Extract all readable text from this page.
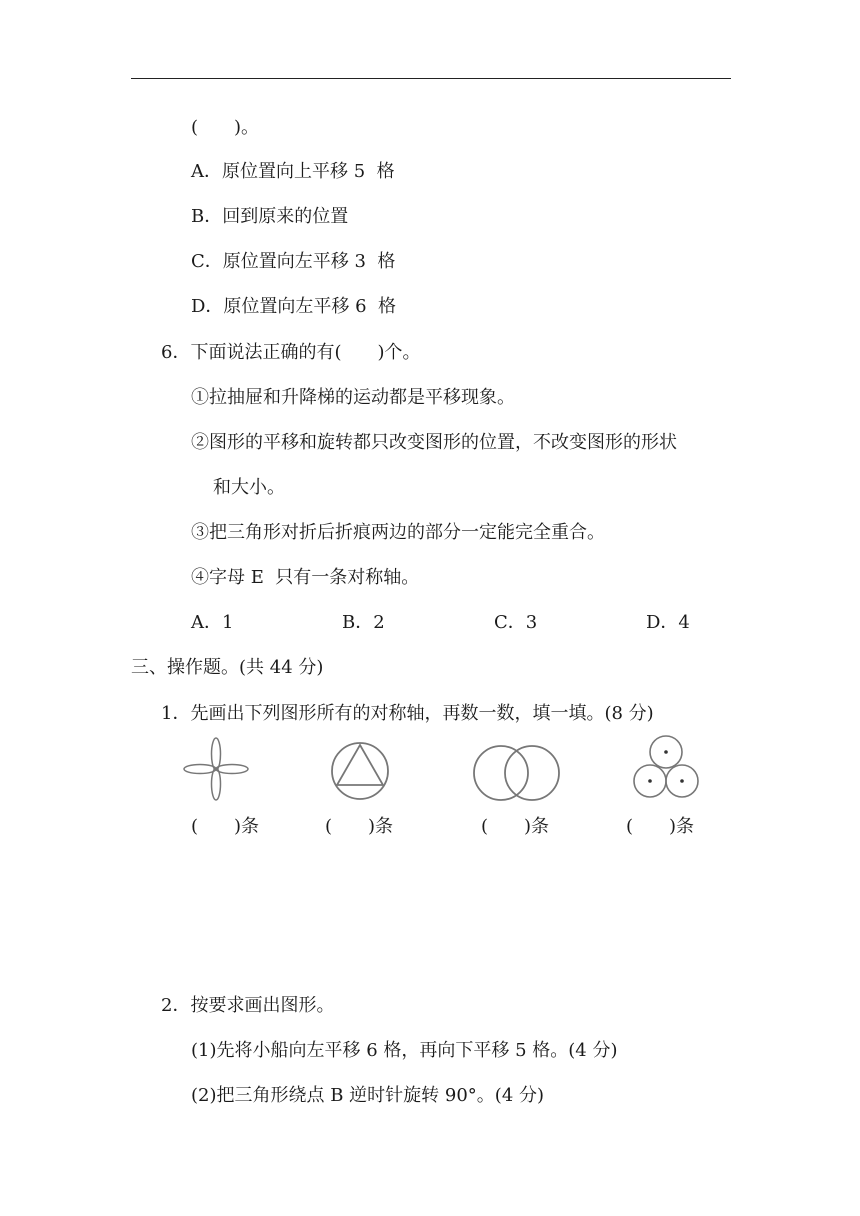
(　　)。
A．原位置向上平移 5  格
B．回到原来的位置
C．原位置向左平移 3  格
D．原位置向左平移 6  格
6．下面说法正确的有(　　)个。
①拉抽屉和升降梯的运动都是平移现象。
②图形的平移和旋转都只改变图形的位置，不改变图形的形状
和大小。
③把三角形对折后折痕两边的部分一定能完全重合。
④字母 E  只有一条对称轴。
A．1	B．2	C．3	D．4
三、操作题。(共 44 分)
1．先画出下列图形所有的对称轴，再数一数，填一填。(8 分)
(　　)条	(　　)条	(　　)条	(　　)条
2．按要求画出图形。
(1)先将小船向左平移 6 格，再向下平移 5 格。(4 分)
(2)把三角形绕点 B 逆时针旋转 90°。(4 分)
